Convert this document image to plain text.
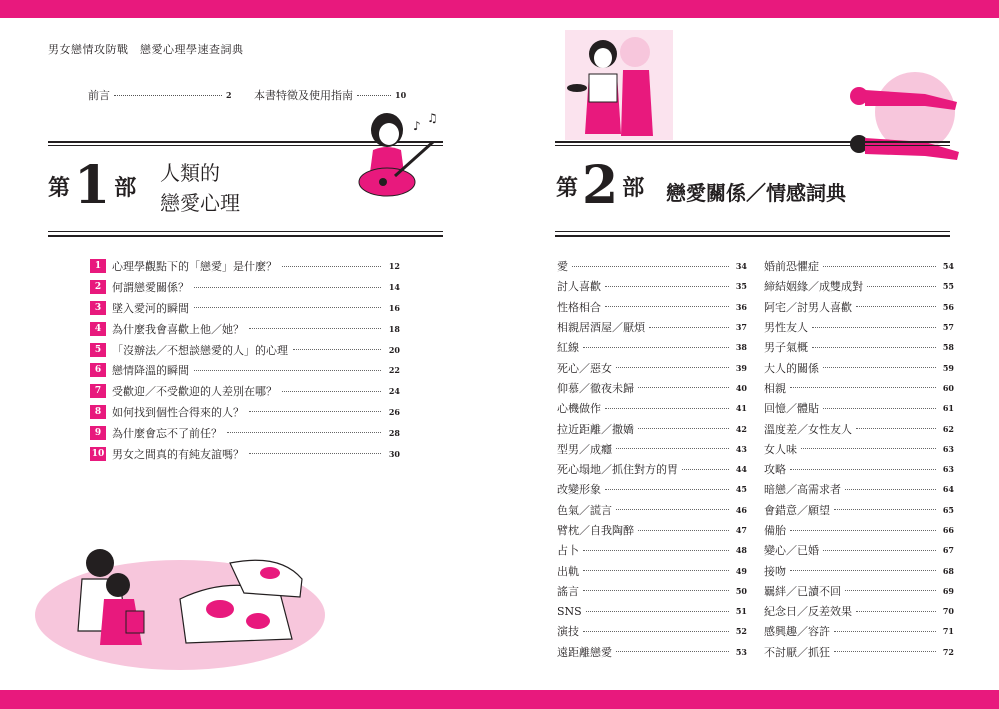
男女戀情攻防戰　戀愛心理學速查詞典
前言	2 本書特徵及使用指南	10
第 1 部
人類的
戀愛心理
♪
♫
1 心理學觀點下的「戀愛」是什麼？	12
2 何謂戀愛關係？	14
3 墜入愛河的瞬間	16
4 為什麼我會喜歡上他／她？	18
5 「沒辦法／不想談戀愛的人」的心理	20
6 戀情降溫的瞬間	22
7 受歡迎／不受歡迎的人差別在哪？	24
8 如何找到個性合得來的人？	26
9 為什麼會忘不了前任？	28
10 男女之間真的有純友誼嗎？	30
第 2 部 戀愛關係／情感詞典
愛	34
討人喜歡	35
性格相合	36
相親居酒屋／厭煩	37
紅線	38
死心／惡女	39
仰慕／徹夜未歸	40
心機做作	41
拉近距離／撒嬌	42
型男／成癮	43
死心塌地／抓住對方的胃	44
改變形象	45
色氣／謊言	46
臂枕／自我陶醉	47
占卜	48
出軌	49
謠言	50
SNS	51
演技	52
遠距離戀愛	53
婚前恐懼症	54
締結姻緣／成雙成對	55
阿宅／討男人喜歡	56
男性友人	57
男子氣概	58
大人的關係	59
相親	60
回憶／體貼	61
溫度差／女性友人	62
女人味	63
攻略	63
暗戀／高需求者	64
會錯意／願望	65
備胎	66
變心／已婚	67
接吻	68
羈絆／已讀不回	69
紀念日／反差效果	70
感興趣／容許	71
不討厭／抓狂	72
